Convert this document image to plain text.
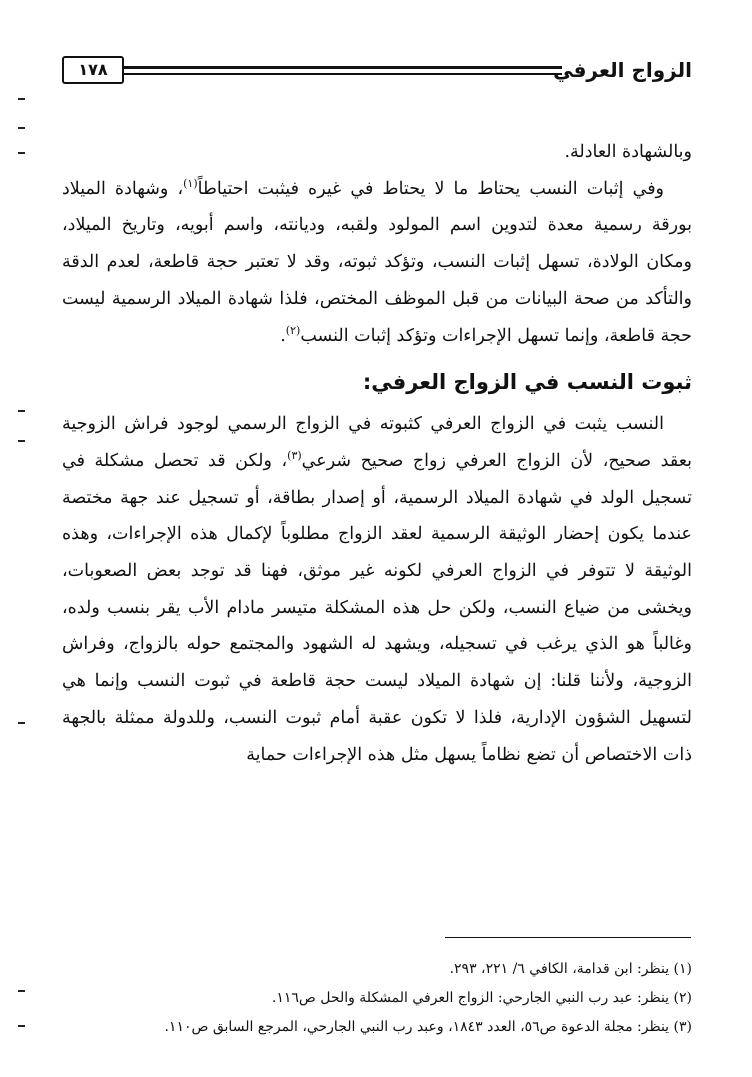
١٧٨	الزواج العرفي

وبالشهادة العادلة.

وفي إثبات النسب يحتاط ما لا يحتاط في غيره فيثبت احتياطاً$^{(١)}$، وشهادة الميلاد بورقة رسمية معدة لتدوين اسم المولود ولقبه، وديانته، واسم أبويه، وتاريخ الميلاد، ومكان الولادة، تسهل إثبات النسب، وتؤكد ثبوته، وقد لا تعتبر حجة قاطعة، لعدم الدقة والتأكد من صحة البيانات من قبل الموظف المختص، فلذا شهادة الميلاد الرسمية ليست حجة قاطعة، وإنما تسهل الإجراءات وتؤكد إثبات النسب$^{(٢)}$.

ثبوت النسب في الزواج العرفي:

النسب يثبت في الزواج العرفي كثبوته في الزواج الرسمي لوجود فراش الزوجية بعقد صحيح، لأن الزواج العرفي زواج صحيح شرعي$^{(٣)}$، ولكن قد تحصل مشكلة في تسجيل الولد في شهادة الميلاد الرسمية، أو إصدار بطاقة، أو تسجيل عند جهة مختصة عندما يكون إحضار الوثيقة الرسمية لعقد الزواج مطلوباً لإكمال هذه الإجراءات، وهذه الوثيقة لا تتوفر في الزواج العرفي لكونه غير موثق، فهنا قد توجد بعض الصعوبات، ويخشى من ضياع النسب، ولكن حل هذه المشكلة متيسر مادام الأب يقر بنسب ولده، وغالباً هو الذي يرغب في تسجيله، ويشهد له الشهود والمجتمع حوله بالزواج، وفراش الزوجية، ولأننا قلنا: إن شهادة الميلاد ليست حجة قاطعة في ثبوت النسب وإنما هي لتسهيل الشؤون الإدارية، فلذا لا تكون عقبة أمام ثبوت النسب، وللدولة ممثلة بالجهة ذات الاختصاص أن تضع نظاماً يسهل مثل هذه الإجراءات حماية

(١) ينظر: ابن قدامة، الكافي ٦/ ٢٢١، ٢٩٣.

(٢) ينظر: عبد رب النبي الجارحي: الزواج العرفي المشكلة والحل ص١١٦.

(٣) ينظر: مجلة الدعوة ص٥٦، العدد ١٨٤٣، وعبد رب النبي الجارحي، المرجع السابق ص١١٠.
